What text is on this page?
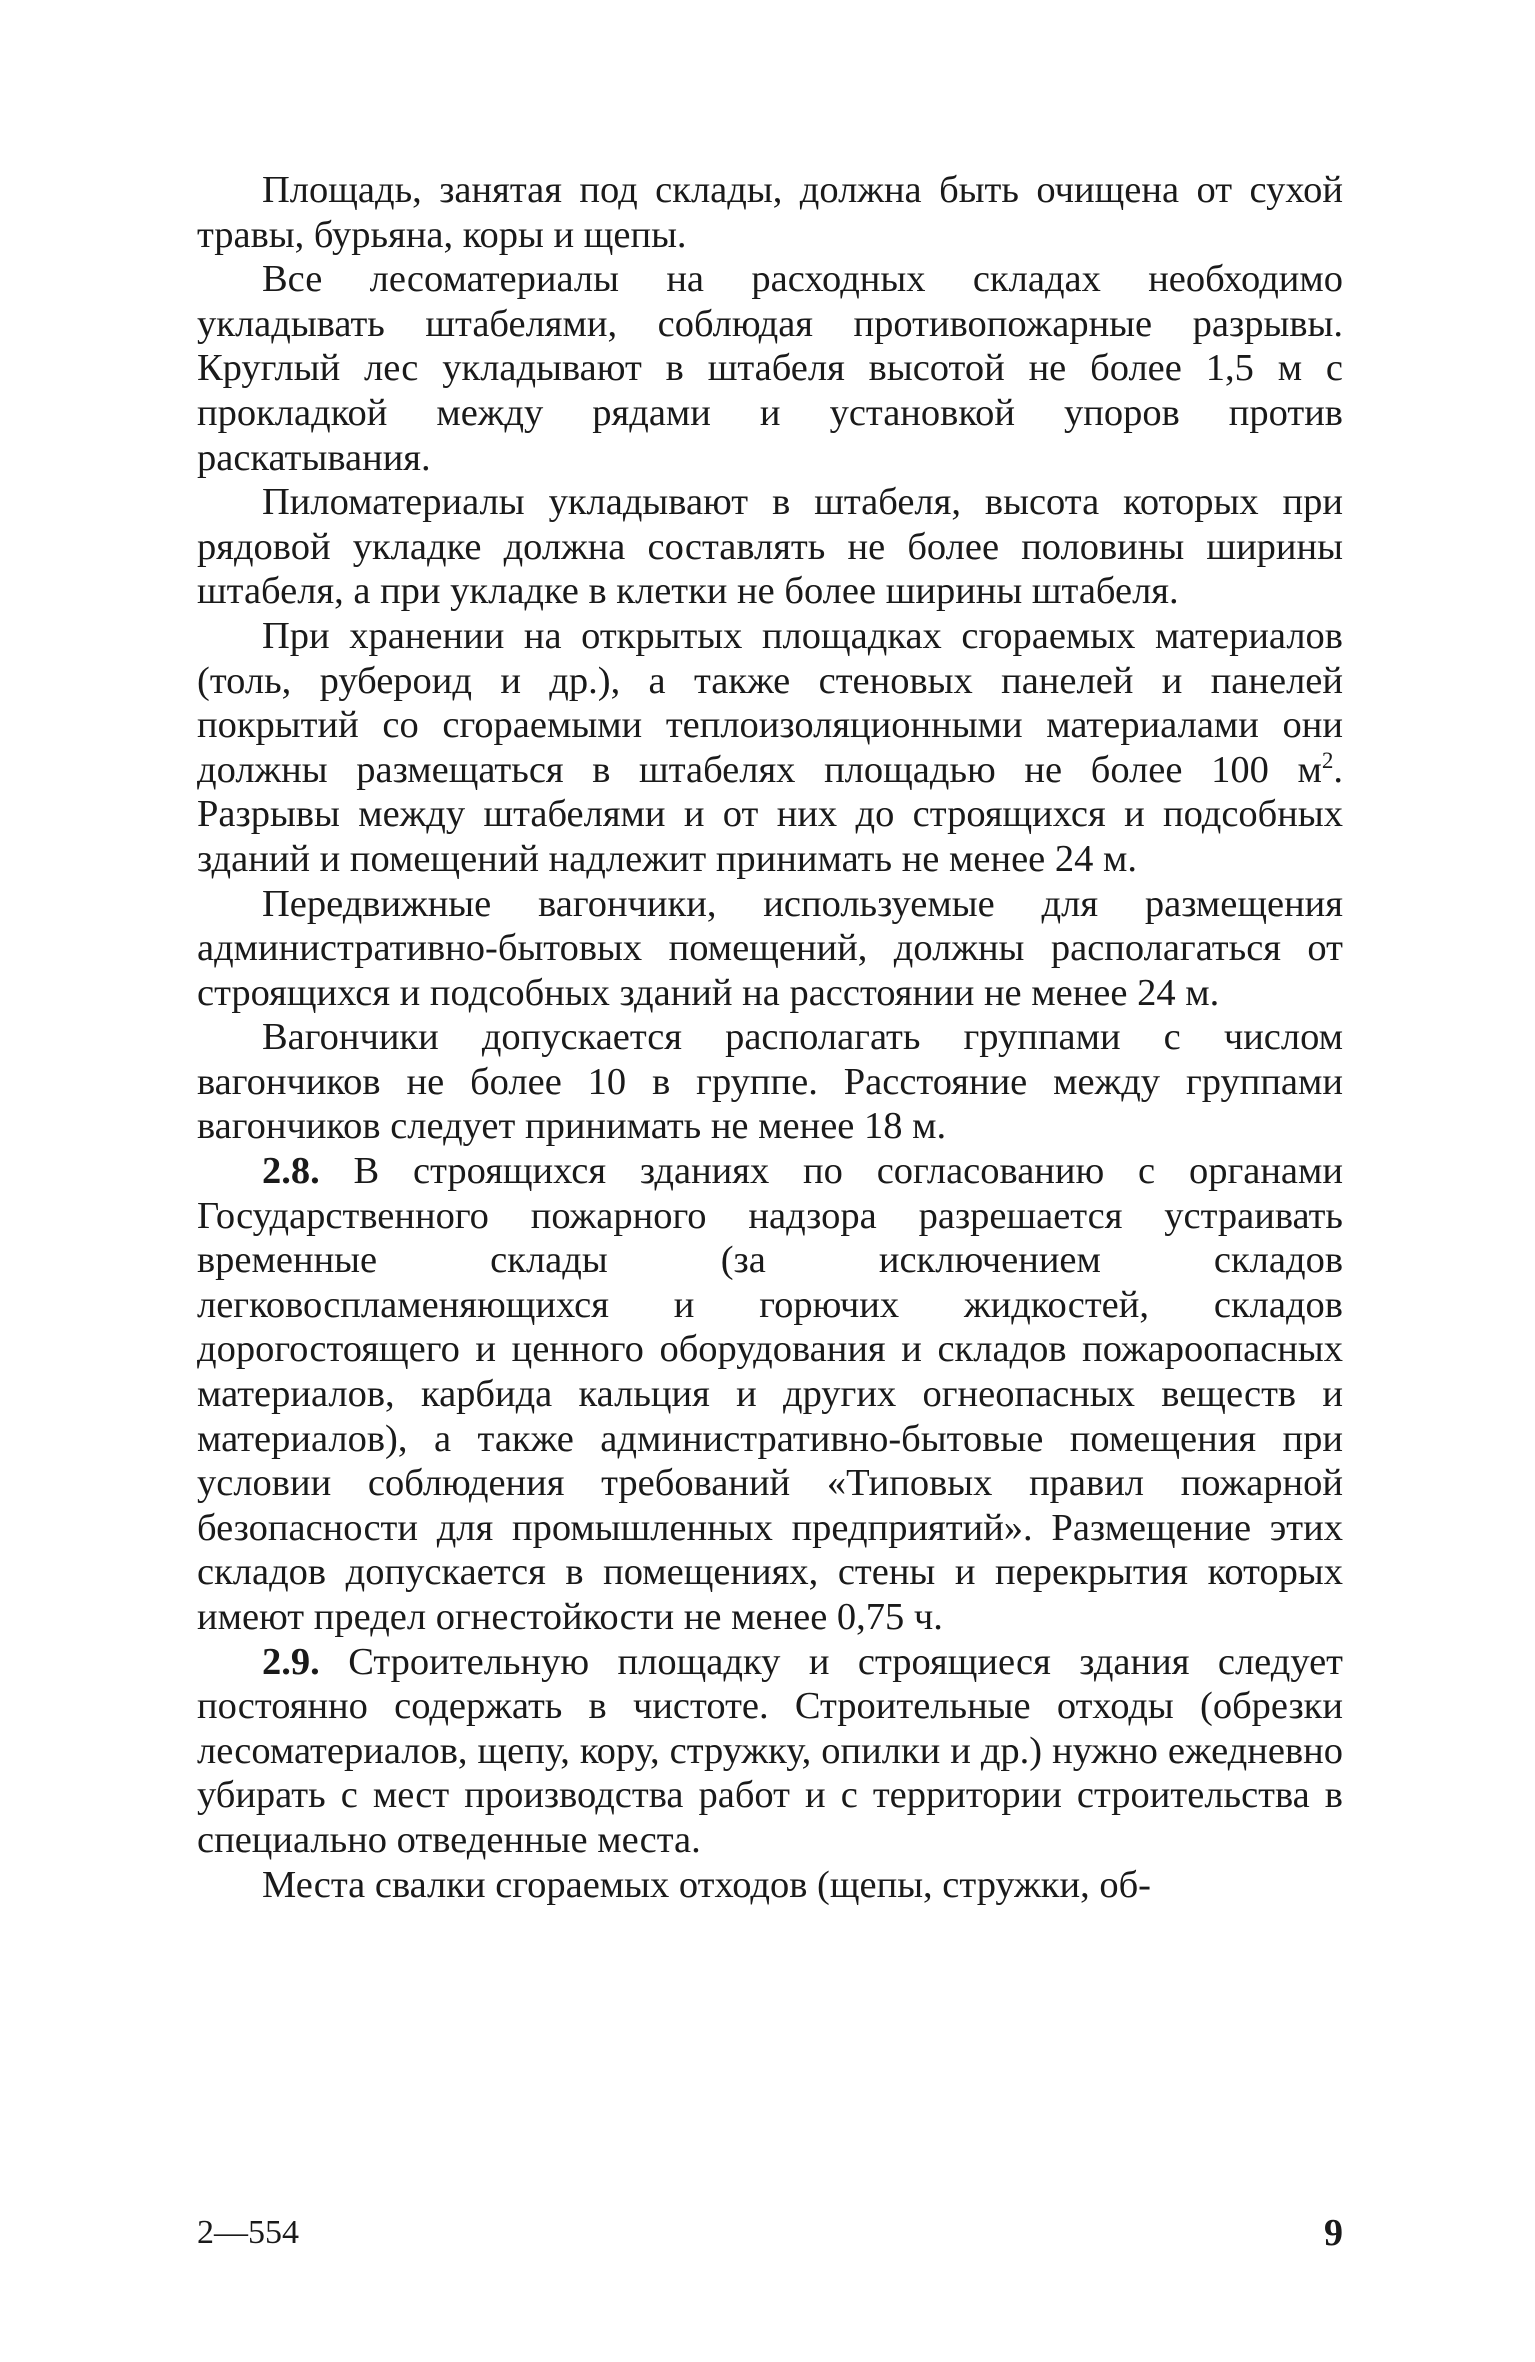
Площадь, занятая под склады, должна быть очищена от сухой травы, бурьяна, коры и щепы.

Все лесоматериалы на расходных складах необходимо укладывать штабелями, соблюдая противопожарные разрывы. Круглый лес укладывают в штабеля высотой не более 1,5 м с прокладкой между рядами и установкой упоров против раскатывания.

Пиломатериалы укладывают в штабеля, высота которых при рядовой укладке должна составлять не более половины ширины штабеля, а при укладке в клетки не более ширины штабеля.

При хранении на открытых площадках сгораемых материалов (толь, рубероид и др.), а также стеновых панелей и панелей покрытий со сгораемыми теплоизоляционными материалами они должны размещаться в штабелях площадью не более 100 $м^2$. Разрывы между штабелями и от них до строящихся и подсобных зданий и помещений надлежит принимать не менее 24 м.

Передвижные вагончики, используемые для размещения административно-бытовых помещений, должны располагаться от строящихся и подсобных зданий на расстоянии не менее 24 м.

Вагончики допускается располагать группами с числом вагончиков не более 10 в группе. Расстояние между группами вагончиков следует принимать не менее 18 м.

2.8. В строящихся зданиях по согласованию с органами Государственного пожарного надзора разрешается устраивать временные склады (за исключением складов легковоспламеняющихся и горючих жидкостей, складов дорогостоящего и ценного оборудования и складов пожароопасных материалов, карбида кальция и других огнеопасных веществ и материалов), а также административно-бытовые помещения при условии соблюдения требований «Типовых правил пожарной безопасности для промышленных предприятий». Размещение этих складов допускается в помещениях, стены и перекрытия которых имеют предел огнестойкости не менее 0,75 ч.

2.9. Строительную площадку и строящиеся здания следует постоянно содержать в чистоте. Строительные отходы (обрезки лесоматериалов, щепу, кору, стружку, опилки и др.) нужно ежедневно убирать с мест производства работ и с территории строительства в специально отведенные места.

Места свалки сгораемых отходов (щепы, стружки, об-

2—554	9
